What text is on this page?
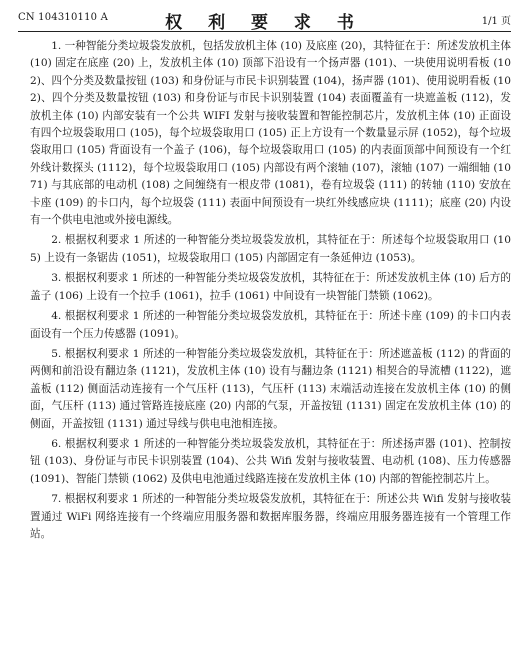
CN 104310110 A	权 利 要 求 书	1/1 页

1. 一种智能分类垃圾袋发放机，包括发放机主体 (10) 及底座 (20)，其特征在于：所述发放机主体 (10) 固定在底座 (20) 上，发放机主体 (10) 顶部下沿设有一个扬声器 (101)、一块使用说明看板 (102)、四个分类及数量按钮 (103) 和身份证与市民卡识别装置 (104)，扬声器 (101)、使用说明看板 (102)、四个分类及数量按钮 (103) 和身份证与市民卡识别装置 (104) 表面覆盖有一块遮盖板 (112)，发放机主体 (10) 内部安装有一个公共 WIFI 发射与接收装置和智能控制芯片，发放机主体 (10) 正面设有四个垃圾袋取用口 (105)，每个垃圾袋取用口 (105) 正上方设有一个数量显示屏 (1052)，每个垃圾袋取用口 (105) 背面设有一个盖子 (106)，每个垃圾袋取用口 (105) 的内表面顶部中间预设有一个红外线计数探头 (1112)，每个垃圾袋取用口 (105) 内部设有两个滚轴 (107)，滚轴 (107) 一端细轴 (1071) 与其底部的电动机 (108) 之间缠绕有一根皮带 (1081)，卷有垃圾袋 (111) 的转轴 (110) 安放在卡座 (109) 的卡口内，每个垃圾袋 (111) 表面中间预设有一块红外线感应块 (1111)；底座 (20) 内设有一个供电电池或外接电源线。

2. 根据权利要求 1 所述的一种智能分类垃圾袋发放机，其特征在于：所述每个垃圾袋取用口 (105) 上设有一条锯齿 (1051)，垃圾袋取用口 (105) 内部固定有一条延伸边 (1053)。

3. 根据权利要求 1 所述的一种智能分类垃圾袋发放机，其特征在于：所述发放机主体 (10) 后方的盖子 (106) 上设有一个拉手 (1061)，拉手 (1061) 中间设有一块智能门禁锁 (1062)。

4. 根据权利要求 1 所述的一种智能分类垃圾袋发放机，其特征在于：所述卡座 (109) 的卡口内表面设有一个压力传感器 (1091)。

5. 根据权利要求 1 所述的一种智能分类垃圾袋发放机，其特征在于：所述遮盖板 (112) 的背面的两侧和前沿设有翻边条 (1121)，发放机主体 (10) 设有与翻边条 (1121) 相契合的导流槽 (1122)，遮盖板 (112) 侧面活动连接有一个气压杆 (113)，气压杆 (113) 末端活动连接在发放机主体 (10) 的侧面，气压杆 (113) 通过管路连接底座 (20) 内部的气泵，开盖按钮 (1131) 固定在发放机主体 (10) 的侧面，开盖按钮 (1131) 通过导线与供电电池相连接。

6. 根据权利要求 1 所述的一种智能分类垃圾袋发放机，其特征在于：所述扬声器 (101)、控制按钮 (103)、身份证与市民卡识别装置 (104)、公共 Wifi 发射与接收装置、电动机 (108)、压力传感器 (1091)、智能门禁锁 (1062) 及供电电池通过线路连接在发放机主体 (10) 内部的智能控制芯片上。

7. 根据权利要求 1 所述的一种智能分类垃圾袋发放机，其特征在于：所述公共 Wifi 发射与接收装置通过 WiFi 网络连接有一个终端应用服务器和数据库服务器，终端应用服务器连接有一个管理工作站。
